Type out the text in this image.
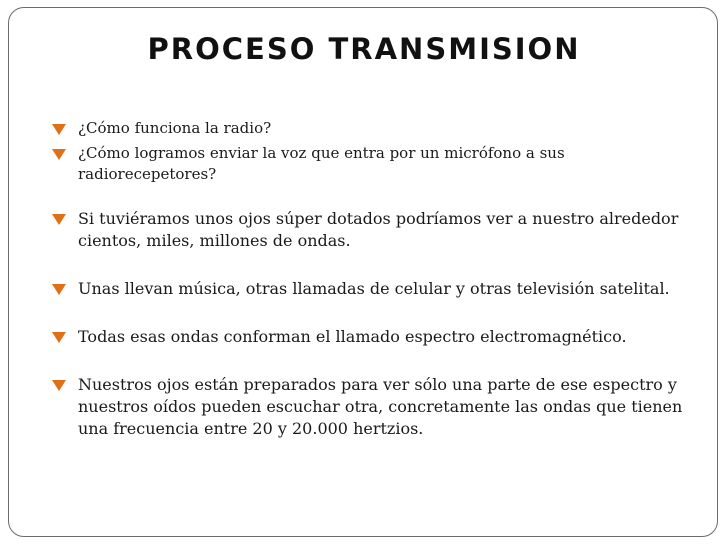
PROCESO TRANSMISION
¿Cómo funciona la radio?
¿Cómo logramos enviar la voz que entra por un micrófono a sus radiorecepetores?
Si tuviéramos unos ojos súper dotados podríamos ver a nuestro alrededor cientos, miles, millones de ondas.
Unas llevan música, otras llamadas de celular y otras televisión satelital.
Todas esas ondas conforman el llamado espectro electromagnético.
Nuestros ojos están preparados para ver sólo una parte de ese espectro y nuestros oídos pueden escuchar otra, concretamente las ondas que tienen una frecuencia entre 20 y 20.000 hertzios.
